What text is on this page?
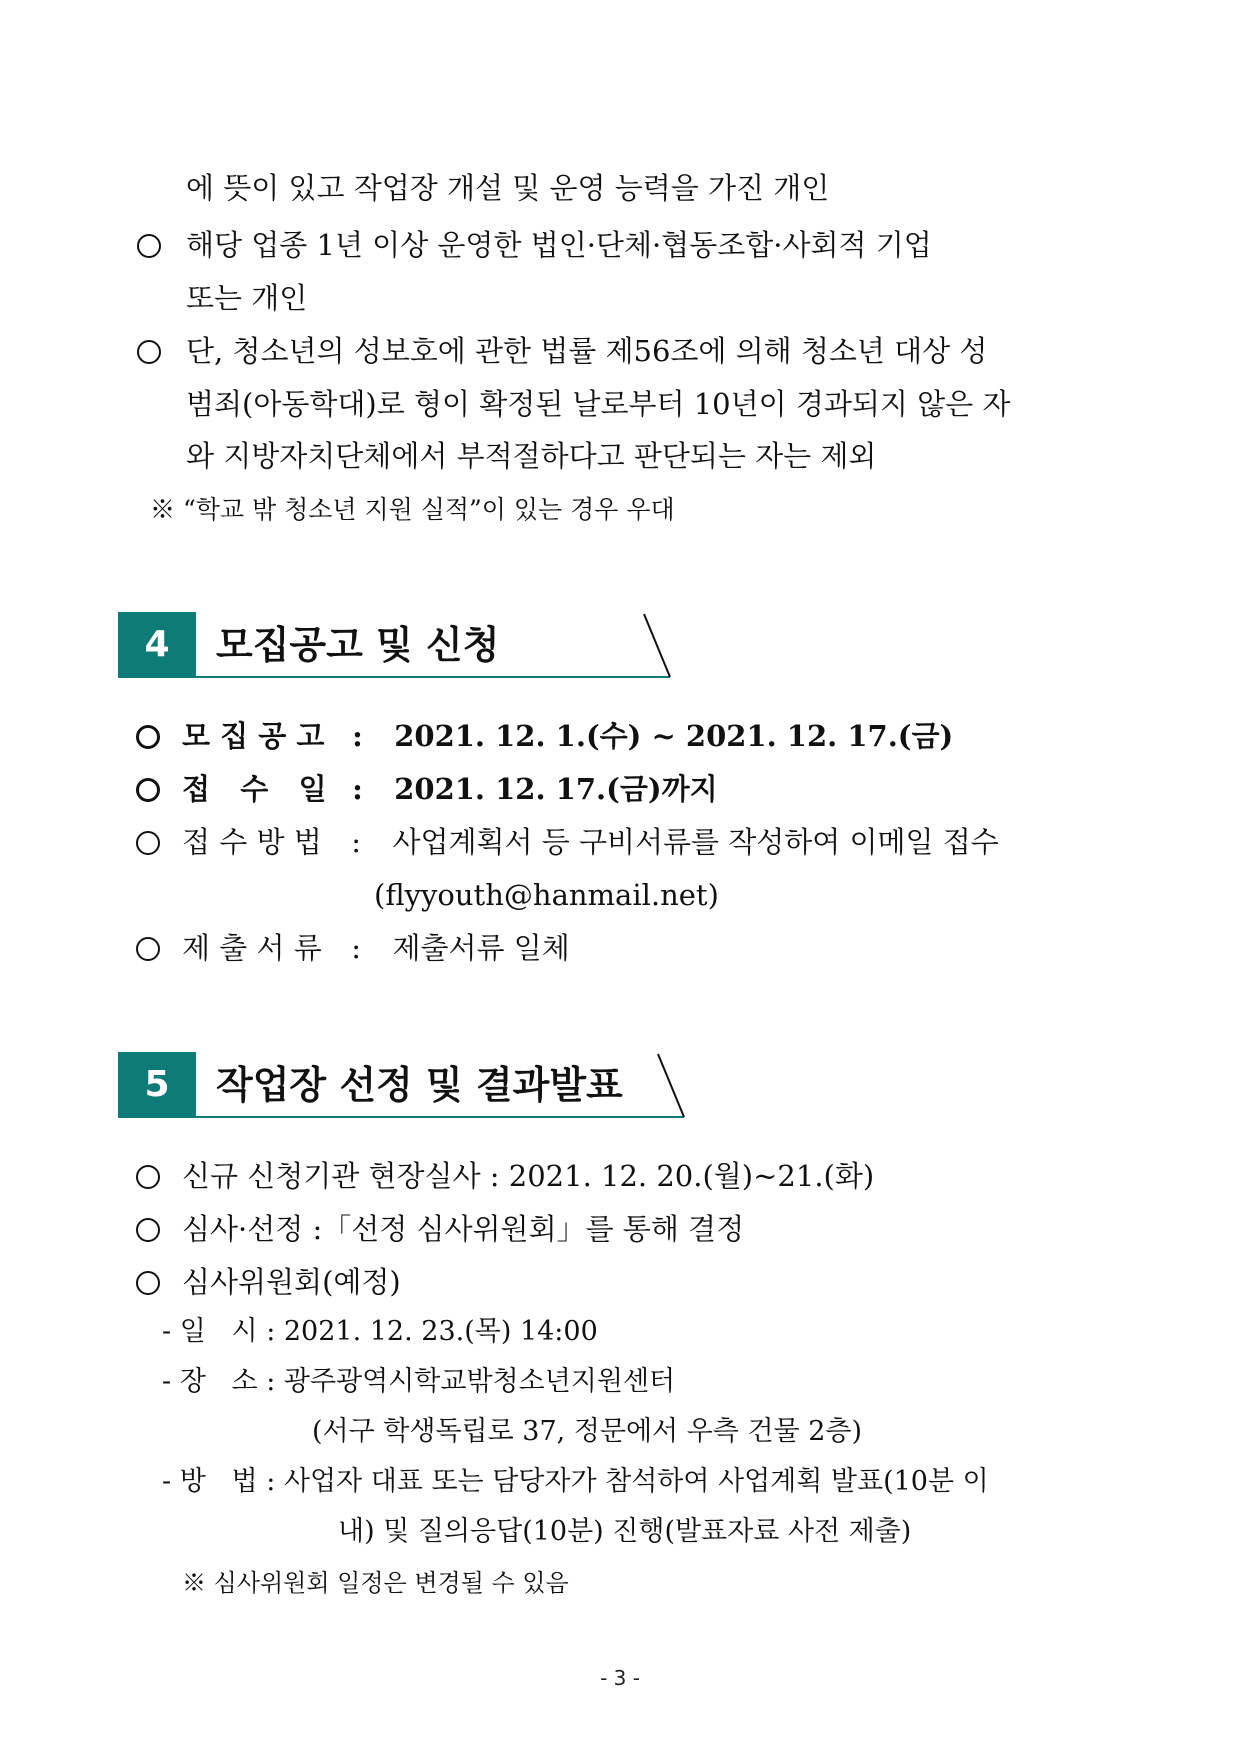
에 뜻이 있고 작업장 개설 및 운영 능력을 가진 개인
해당 업종 1년 이상 운영한 법인·단체·협동조합·사회적 기업
또는 개인
단, 청소년의 성보호에 관한 법률 제56조에 의해 청소년 대상 성
범죄(아동학대)로 형이 확정된 날로부터 10년이 경과되지 않은 자
와 지방자치단체에서 부적절하다고 판단되는 자는 제외
※ “학교 밖 청소년 지원 실적”이 있는 경우 우대
4	모집공고 및 신청
모 집 공 고 : 2021. 12. 1.(수) ~ 2021. 12. 17.(금)
접   수   일 : 2021. 12. 17.(금)까지
접 수 방 법 : 사업계획서 등 구비서류를 작성하여 이메일 접수
(flyyouth@hanmail.net)
제 출 서 류 : 제출서류 일체
5	작업장 선정 및 결과발표
신규 신청기관 현장실사 : 2021. 12. 20.(월)~21.(화)
심사·선정 :「선정 심사위원회」를 통해 결정
심사위원회(예정)
- 일   시 : 2021. 12. 23.(목) 14:00
- 장   소 : 광주광역시학교밖청소년지원센터
(서구 학생독립로 37, 정문에서 우측 건물 2층)
- 방   법 : 사업자 대표 또는 담당자가 참석하여 사업계획 발표(10분 이
내) 및 질의응답(10분) 진행(발표자료 사전 제출)
※ 심사위원회 일정은 변경될 수 있음
- 3 -
